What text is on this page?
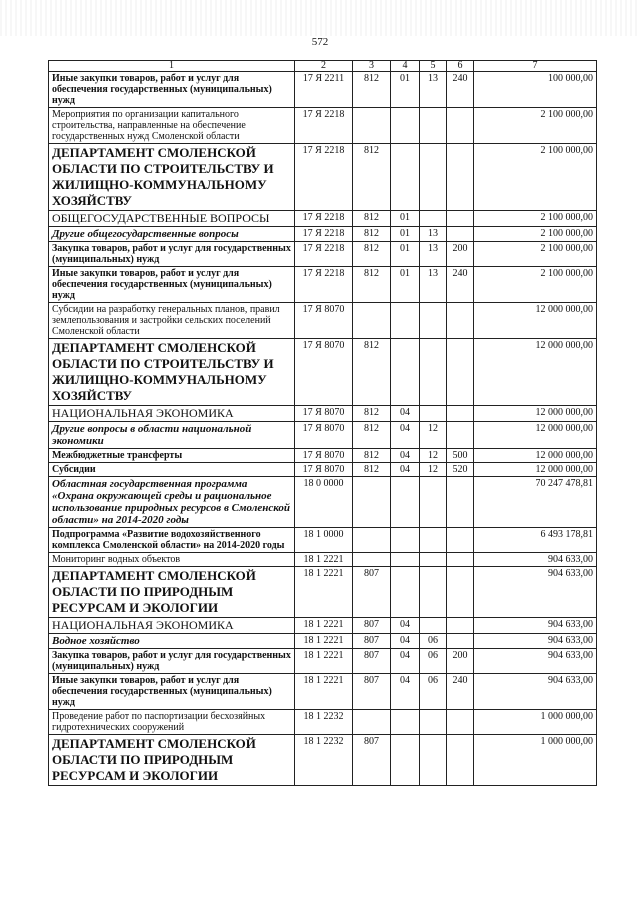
572
1	2	3	4	5	6	7
Иные закупки товаров, работ и услуг для обеспечения государственных (муниципальных) нужд	17 Я 2211	812	01	13	240	100 000,00
Мероприятия по организации капитального строительства, направленные на обеспечение государственных нужд Смоленской области	17 Я 2218					2 100 000,00
ДЕПАРТАМЕНТ СМОЛЕНСКОЙ ОБЛАСТИ ПО СТРОИТЕЛЬСТВУ И ЖИЛИЩНО-КОММУНАЛЬНОМУ ХОЗЯЙСТВУ	17 Я 2218	812				2 100 000,00
ОБЩЕГОСУДАРСТВЕННЫЕ ВОПРОСЫ	17 Я 2218	812	01			2 100 000,00
Другие общегосударственные вопросы	17 Я 2218	812	01	13		2 100 000,00
Закупка товаров, работ и услуг для государственных (муниципальных) нужд	17 Я 2218	812	01	13	200	2 100 000,00
Иные закупки товаров, работ и услуг для обеспечения государственных (муниципальных) нужд	17 Я 2218	812	01	13	240	2 100 000,00
Субсидии на разработку генеральных планов, правил землепользования и застройки сельских поселений Смоленской области	17 Я 8070					12 000 000,00
ДЕПАРТАМЕНТ СМОЛЕНСКОЙ ОБЛАСТИ ПО СТРОИТЕЛЬСТВУ И ЖИЛИЩНО-КОММУНАЛЬНОМУ ХОЗЯЙСТВУ	17 Я 8070	812				12 000 000,00
НАЦИОНАЛЬНАЯ ЭКОНОМИКА	17 Я 8070	812	04			12 000 000,00
Другие вопросы в области национальной экономики	17 Я 8070	812	04	12		12 000 000,00
Межбюджетные трансферты	17 Я 8070	812	04	12	500	12 000 000,00
Субсидии	17 Я 8070	812	04	12	520	12 000 000,00
Областная государственная программа «Охрана окружающей среды и рациональное использование природных ресурсов в Смоленской области» на 2014-2020 годы	18 0 0000					70 247 478,81
Подпрограмма «Развитие водохозяйственного комплекса Смоленской области» на 2014-2020 годы	18 1 0000					6 493 178,81
Мониторинг водных объектов	18 1 2221					904 633,00
ДЕПАРТАМЕНТ СМОЛЕНСКОЙ ОБЛАСТИ ПО ПРИРОДНЫМ РЕСУРСАМ И ЭКОЛОГИИ	18 1 2221	807				904 633,00
НАЦИОНАЛЬНАЯ ЭКОНОМИКА	18 1 2221	807	04			904 633,00
Водное хозяйство	18 1 2221	807	04	06		904 633,00
Закупка товаров, работ и услуг для государственных (муниципальных) нужд	18 1 2221	807	04	06	200	904 633,00
Иные закупки товаров, работ и услуг для обеспечения государственных (муниципальных) нужд	18 1 2221	807	04	06	240	904 633,00
Проведение работ по паспортизации бесхозяйных гидротехнических сооружений	18 1 2232					1 000 000,00
ДЕПАРТАМЕНТ СМОЛЕНСКОЙ ОБЛАСТИ ПО ПРИРОДНЫМ РЕСУРСАМ И ЭКОЛОГИИ	18 1 2232	807				1 000 000,00
